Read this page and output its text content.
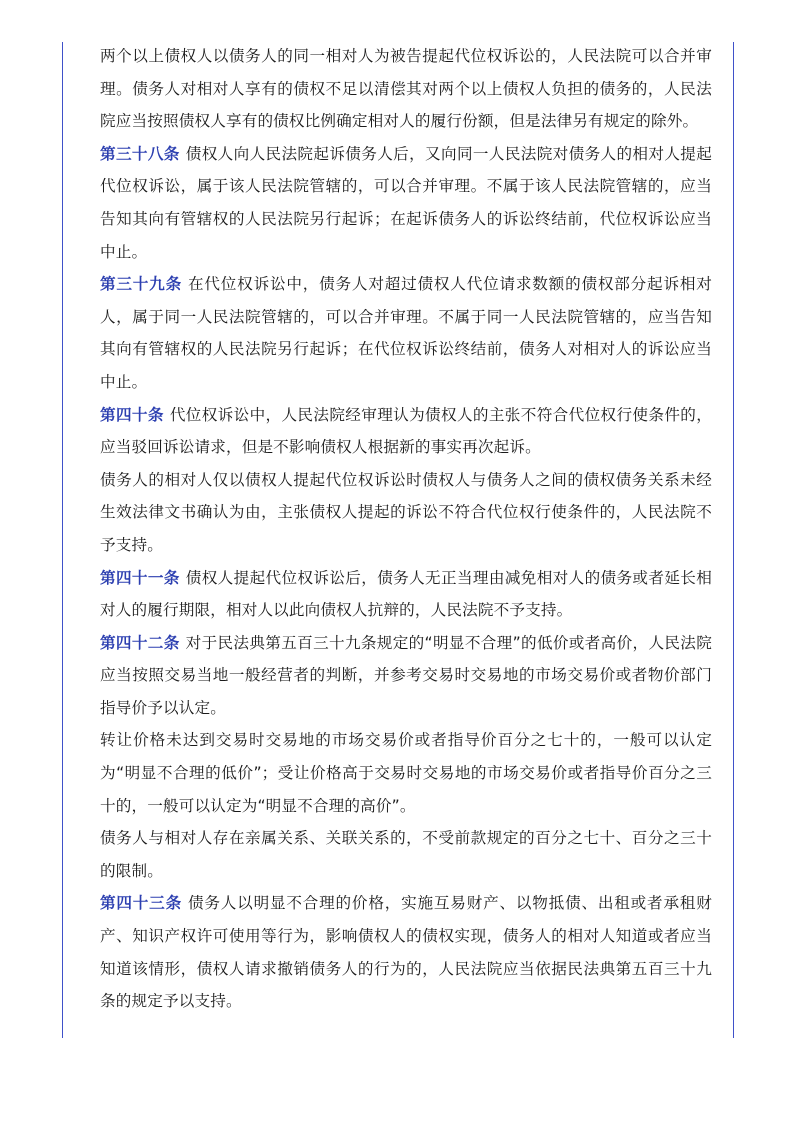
两个以上债权人以债务人的同一相对人为被告提起代位权诉讼的，人民法院可以合并审理。债务人对相对人享有的债权不足以清偿其对两个以上债权人负担的债务的，人民法院应当按照债权人享有的债权比例确定相对人的履行份额，但是法律另有规定的除外。

第三十八条 债权人向人民法院起诉债务人后，又向同一人民法院对债务人的相对人提起代位权诉讼，属于该人民法院管辖的，可以合并审理。不属于该人民法院管辖的，应当告知其向有管辖权的人民法院另行起诉；在起诉债务人的诉讼终结前，代位权诉讼应当中止。

第三十九条 在代位权诉讼中，债务人对超过债权人代位请求数额的债权部分起诉相对人，属于同一人民法院管辖的，可以合并审理。不属于同一人民法院管辖的，应当告知其向有管辖权的人民法院另行起诉；在代位权诉讼终结前，债务人对相对人的诉讼应当中止。

第四十条 代位权诉讼中，人民法院经审理认为债权人的主张不符合代位权行使条件的，应当驳回诉讼请求，但是不影响债权人根据新的事实再次起诉。

债务人的相对人仅以债权人提起代位权诉讼时债权人与债务人之间的债权债务关系未经生效法律文书确认为由，主张债权人提起的诉讼不符合代位权行使条件的，人民法院不予支持。

第四十一条 债权人提起代位权诉讼后，债务人无正当理由减免相对人的债务或者延长相对人的履行期限，相对人以此向债权人抗辩的，人民法院不予支持。

第四十二条 对于民法典第五百三十九条规定的“明显不合理”的低价或者高价，人民法院应当按照交易当地一般经营者的判断，并参考交易时交易地的市场交易价或者物价部门指导价予以认定。

转让价格未达到交易时交易地的市场交易价或者指导价百分之七十的，一般可以认定为“明显不合理的低价”；受让价格高于交易时交易地的市场交易价或者指导价百分之三十的，一般可以认定为“明显不合理的高价”。

债务人与相对人存在亲属关系、关联关系的，不受前款规定的百分之七十、百分之三十的限制。

第四十三条 债务人以明显不合理的价格，实施互易财产、以物抵债、出租或者承租财产、知识产权许可使用等行为，影响债权人的债权实现，债务人的相对人知道或者应当知道该情形，债权人请求撤销债务人的行为的，人民法院应当依据民法典第五百三十九条的规定予以支持。
